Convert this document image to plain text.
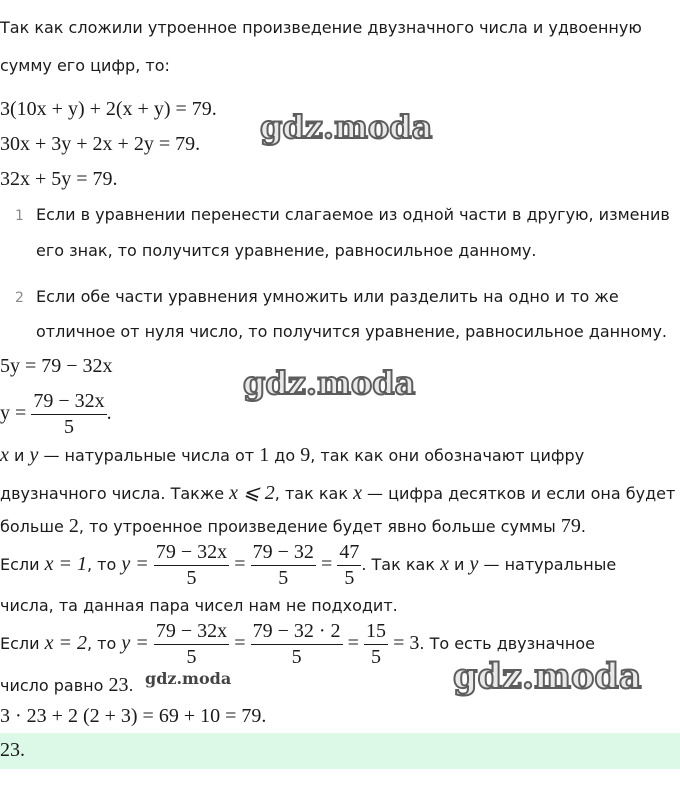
Так как сложили утроенное произведение двузначного числа и удвоенную
сумму его цифр, то:
3(10x + y) + 2(x + y) = 79.
30x + 3y + 2x + 2y = 79.
32x + 5y = 79.
1 Если в уравнении перенести слагаемое из одной части в другую, изменив
его знак, то получится уравнение, равносильное данному.
2 Если обе части уравнения умножить или разделить на одно и то же
отличное от нуля число, то получится уравнение, равносильное данному.
5y = 79 − 32x
$y = \frac{79 - 32x}{5}$ .
x и y — натуральные числа от 1 до 9, так как они обозначают цифру
двузначного числа. Также x ⩽ 2, так как x — цифра десятков и если она будет
больше 2, то утроенное произведение будет явно больше суммы 79.
Если x = 1, то $y = \frac{79 - 32x}{5} = \frac{79 - 32}{5} = \frac{47}{5}$ . Так как x и y — натуральные
числа, та данная пара чисел нам не подходит.
Если x = 2, то $y = \frac{79 - 32x}{5} = \frac{79 - 32 \cdot 2}{5} = \frac{15}{5} = 3$. То есть двузначное
число равно 23.
3 · 23 + 2 (2 + 3) = 69 + 10 = 79.
23.
gdz.moda
gdz.moda
gdz.moda	gdz.moda
